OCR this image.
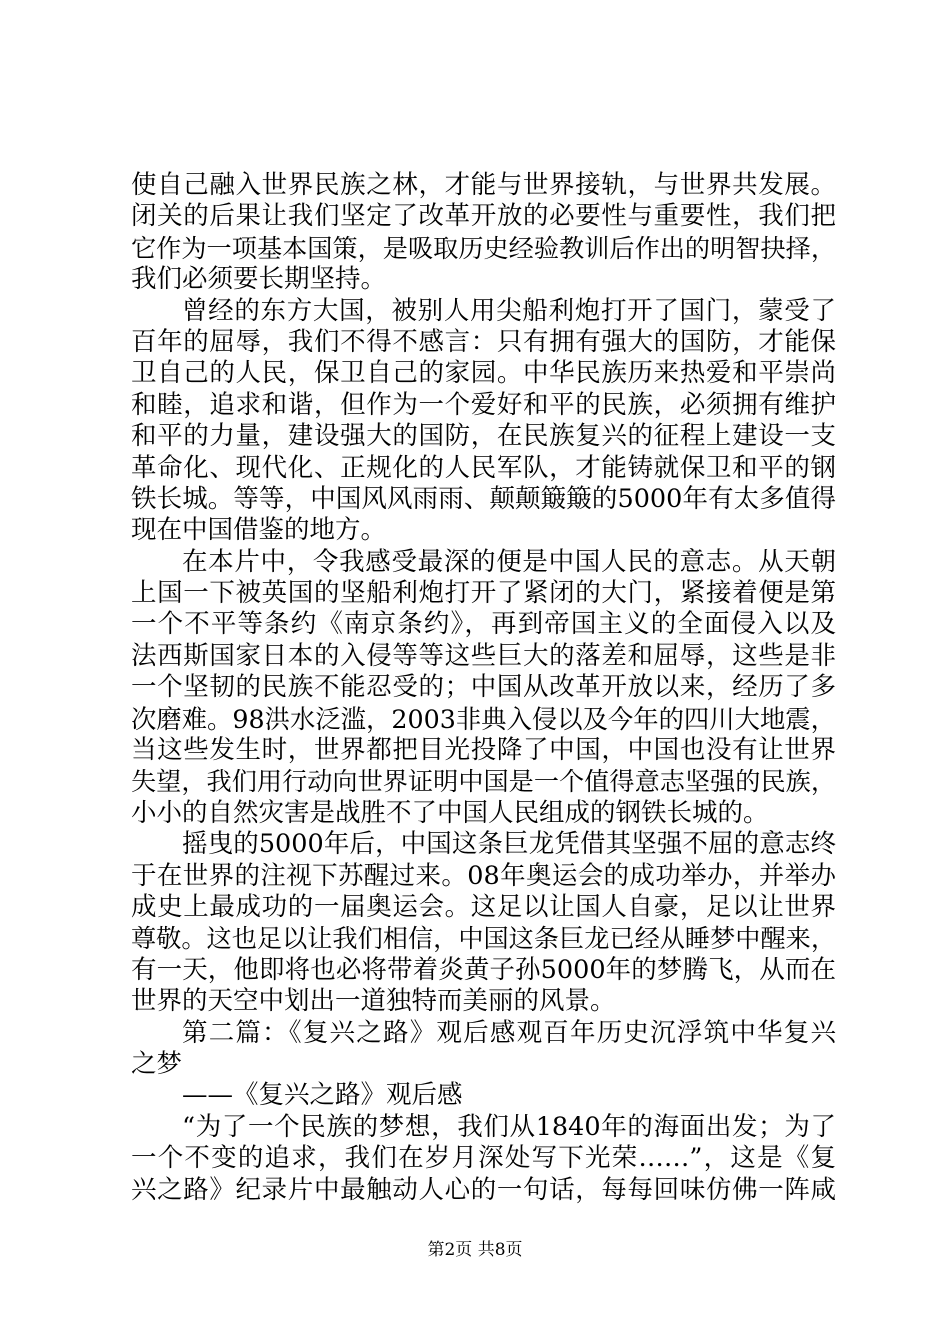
使自己融入世界民族之林，才能与世界接轨，与世界共发展。
闭关的后果让我们坚定了改革开放的必要性与重要性，我们把
它作为一项基本国策，是吸取历史经验教训后作出的明智抉择，
我们必须要长期坚持。
曾经的东方大国，被别人用尖船利炮打开了国门，蒙受了
百年的屈辱，我们不得不感言：只有拥有强大的国防，才能保
卫自己的人民，保卫自己的家园。中华民族历来热爱和平崇尚
和睦，追求和谐，但作为一个爱好和平的民族，必须拥有维护
和平的力量，建设强大的国防，在民族复兴的征程上建设一支
革命化、现代化、正规化的人民军队，才能铸就保卫和平的钢
铁长城。等等，中国风风雨雨、颠颠簸簸的5000年有太多值得
现在中国借鉴的地方。
在本片中，令我感受最深的便是中国人民的意志。从天朝
上国一下被英国的坚船利炮打开了紧闭的大门，紧接着便是第
一个不平等条约《南京条约》，再到帝国主义的全面侵入以及
法西斯国家日本的入侵等等这些巨大的落差和屈辱，这些是非
一个坚韧的民族不能忍受的；中国从改革开放以来，经历了多
次磨难。98洪水泛滥，2003非典入侵以及今年的四川大地震，
当这些发生时，世界都把目光投降了中国，中国也没有让世界
失望，我们用行动向世界证明中国是一个值得意志坚强的民族，
小小的自然灾害是战胜不了中国人民组成的钢铁长城的。
摇曳的5000年后，中国这条巨龙凭借其坚强不屈的意志终
于在世界的注视下苏醒过来。08年奥运会的成功举办，并举办
成史上最成功的一届奥运会。这足以让国人自豪，足以让世界
尊敬。这也足以让我们相信，中国这条巨龙已经从睡梦中醒来，
有一天，他即将也必将带着炎黄子孙5000年的梦腾飞，从而在
世界的天空中划出一道独特而美丽的风景。
第二篇：《复兴之路》观后感观百年历史沉浮筑中华复兴
之梦
——《复兴之路》观后感
“为了一个民族的梦想，我们从1840年的海面出发；为了
一个不变的追求，我们在岁月深处写下光荣……”，这是《复
兴之路》纪录片中最触动人心的一句话，每每回味仿佛一阵咸
第2页 共8页
